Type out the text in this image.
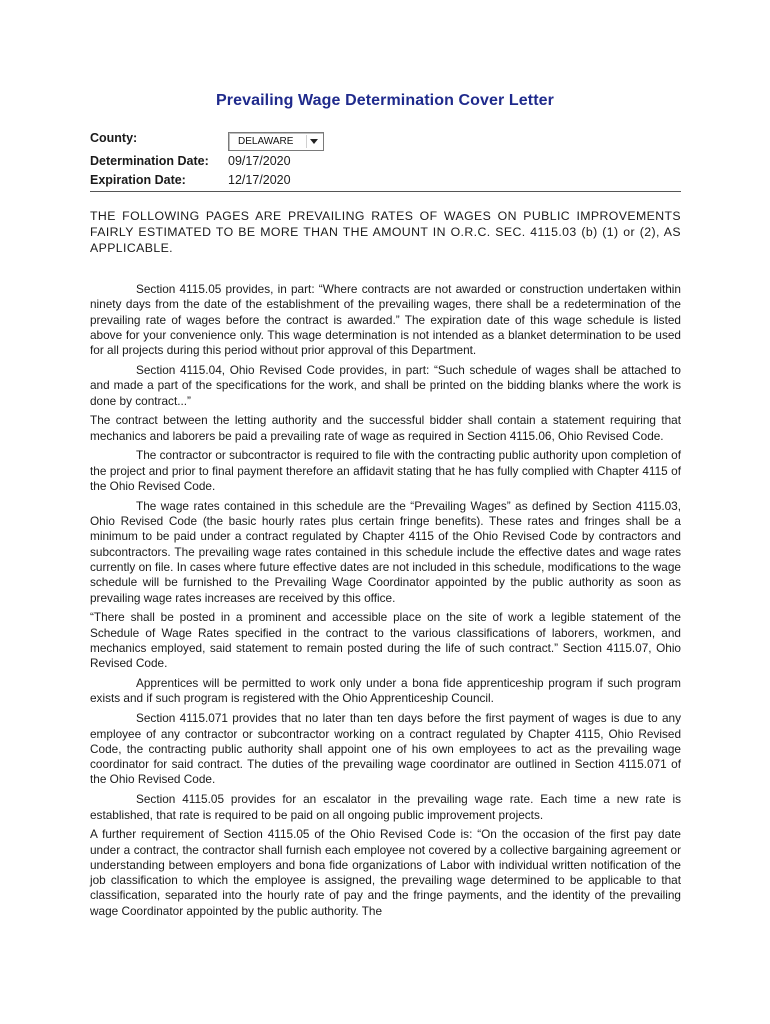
Prevailing Wage Determination Cover Letter
County:	DELAWARE
Determination Date: 09/17/2020
Expiration Date:	12/17/2020
THE FOLLOWING PAGES ARE PREVAILING RATES OF WAGES ON PUBLIC IMPROVEMENTS FAIRLY ESTIMATED TO BE MORE THAN THE AMOUNT IN O.R.C. SEC. 4115.03 (b) (1) or (2), AS APPLICABLE.

Section 4115.05 provides, in part: “Where contracts are not awarded or construction undertaken within ninety days from the date of the establishment of the prevailing wages, there shall be a redetermination of the prevailing rate of wages before the contract is awarded.” The expiration date of this wage schedule is listed above for your convenience only. This wage determination is not intended as a blanket determination to be used for all projects during this period without prior approval of this Department.

Section 4115.04, Ohio Revised Code provides, in part: “Such schedule of wages shall be attached to and made a part of the specifications for the work, and shall be printed on the bidding blanks where the work is done by contract...”

The contract between the letting authority and the successful bidder shall contain a statement requiring that mechanics and laborers be paid a prevailing rate of wage as required in Section 4115.06, Ohio Revised Code.

The contractor or subcontractor is required to file with the contracting public authority upon completion of the project and prior to final payment therefore an affidavit stating that he has fully complied with Chapter 4115 of the Ohio Revised Code.

The wage rates contained in this schedule are the “Prevailing Wages” as defined by Section 4115.03, Ohio Revised Code (the basic hourly rates plus certain fringe benefits). These rates and fringes shall be a minimum to be paid under a contract regulated by Chapter 4115 of the Ohio Revised Code by contractors and subcontractors. The prevailing wage rates contained in this schedule include the effective dates and wage rates currently on file. In cases where future effective dates are not included in this schedule, modifications to the wage schedule will be furnished to the Prevailing Wage Coordinator appointed by the public authority as soon as prevailing wage rates increases are received by this office.

“There shall be posted in a prominent and accessible place on the site of work a legible statement of the Schedule of Wage Rates specified in the contract to the various classifications of laborers, workmen, and mechanics employed, said statement to remain posted during the life of such contract.” Section 4115.07, Ohio Revised Code.

Apprentices will be permitted to work only under a bona fide apprenticeship program if such program exists and if such program is registered with the Ohio Apprenticeship Council.

Section 4115.071 provides that no later than ten days before the first payment of wages is due to any employee of any contractor or subcontractor working on a contract regulated by Chapter 4115, Ohio Revised Code, the contracting public authority shall appoint one of his own employees to act as the prevailing wage coordinator for said contract. The duties of the prevailing wage coordinator are outlined in Section 4115.071 of the Ohio Revised Code.

Section 4115.05 provides for an escalator in the prevailing wage rate. Each time a new rate is established, that rate is required to be paid on all ongoing public improvement projects.

A further requirement of Section 4115.05 of the Ohio Revised Code is: “On the occasion of the first pay date under a contract, the contractor shall furnish each employee not covered by a collective bargaining agreement or understanding between employers and bona fide organizations of Labor with individual written notification of the job classification to which the employee is assigned, the prevailing wage determined to be applicable to that classification, separated into the hourly rate of pay and the fringe payments, and the identity of the prevailing wage Coordinator appointed by the public authority. The
